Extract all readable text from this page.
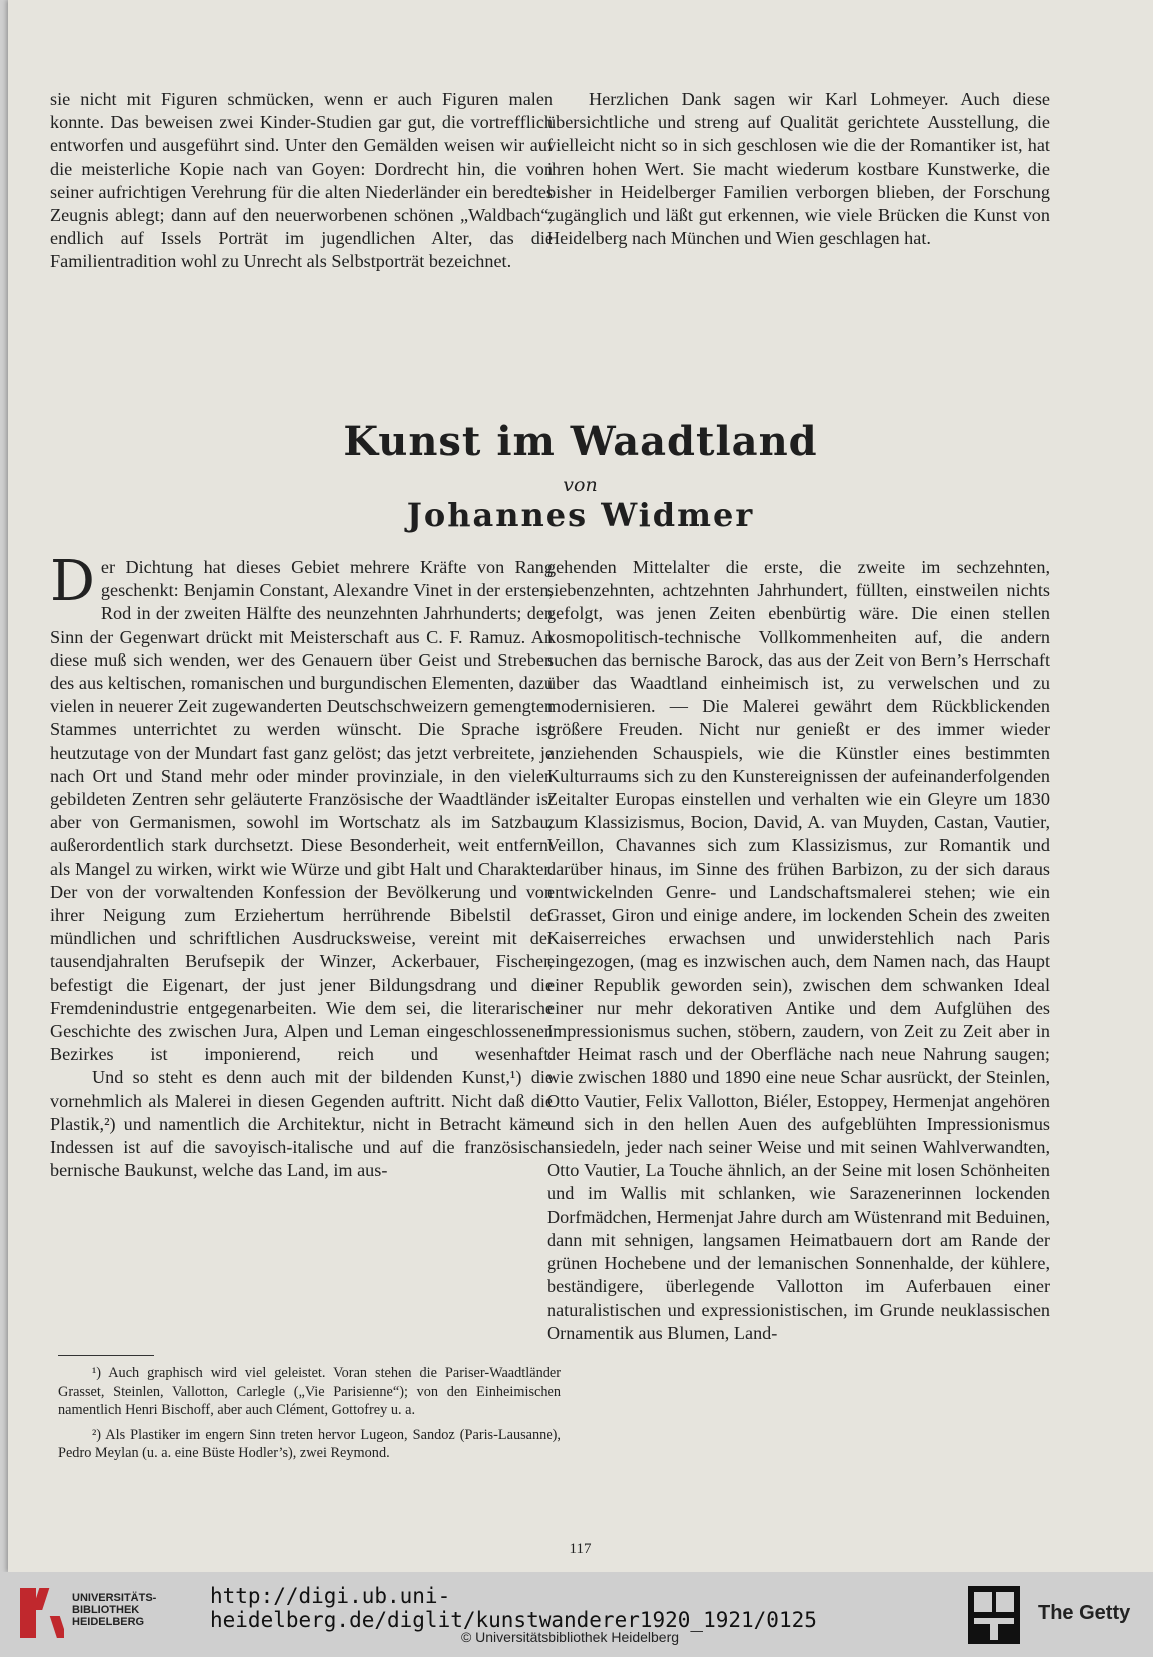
sie nicht mit Figuren schmücken, wenn er auch Figuren malen konnte. Das beweisen zwei Kinder-Studien gar gut, die vortrefflich entworfen und ausgeführt sind. Unter den Gemälden weisen wir auf die meisterliche Kopie nach van Goyen: Dordrecht hin, die von seiner aufrichtigen Verehrung für die alten Niederländer ein beredtes Zeugnis ablegt; dann auf den neuerworbenen schönen „Waldbach“, endlich auf Issels Porträt im jugendlichen Alter, das die Familientradition wohl zu Unrecht als Selbstporträt bezeichnet.

Herzlichen Dank sagen wir Karl Lohmeyer. Auch diese übersichtliche und streng auf Qualität gerichtete Ausstellung, die vielleicht nicht so in sich geschlosen wie die der Romantiker ist, hat ihren hohen Wert. Sie macht wiederum kostbare Kunstwerke, die bisher in Heidelberger Familien verborgen blieben, der Forschung zugänglich und läßt gut erkennen, wie viele Brücken die Kunst von Heidelberg nach München und Wien geschlagen hat.

Kunst im Waadtland
von
Johannes Widmer

D er Dichtung hat dieses Gebiet mehrere Kräfte von Rang geschenkt: Benjamin Constant, Alexandre Vinet in der ersten, Rod in der zweiten Hälfte des neunzehnten Jahrhunderts; den Sinn der Gegenwart drückt mit Meisterschaft aus C. F. Ramuz. An diese muß sich wenden, wer des Genauern über Geist und Streben des aus keltischen, romanischen und burgundischen Elementen, dazu vielen in neuerer Zeit zugewanderten Deutschschweizern gemengten Stammes unterrichtet zu werden wünscht. Die Sprache ist heutzutage von der Mundart fast ganz gelöst; das jetzt verbreitete, je nach Ort und Stand mehr oder minder provinziale, in den vielen gebildeten Zentren sehr geläuterte Französische der Waadtländer ist aber von Germanismen, sowohl im Wortschatz als im Satzbau, außerordentlich stark durchsetzt. Diese Besonderheit, weit entfernt als Mangel zu wirken, wirkt wie Würze und gibt Halt und Charakter. Der von der vorwaltenden Konfession der Bevölkerung und von ihrer Neigung zum Erziehertum herrührende Bibelstil der mündlichen und schriftlichen Ausdrucksweise, vereint mit der tausendjahralten Berufsepik der Winzer, Ackerbauer, Fischer, befestigt die Eigenart, der just jener Bildungsdrang und die Fremdenindustrie entgegenarbeiten. Wie dem sei, die literarische Geschichte des zwischen Jura, Alpen und Leman eingeschlossenen Bezirkes ist imponierend, reich und wesenhaft.

Und so steht es denn auch mit der bildenden Kunst,¹) die vornehmlich als Malerei in diesen Gegenden auftritt. Nicht daß die Plastik,²) und namentlich die Architektur, nicht in Betracht käme. Indessen ist auf die savoyisch-italische und auf die französisch-bernische Baukunst, welche das Land, im aus-

¹) Auch graphisch wird viel geleistet. Voran stehen die Pariser-Waadtländer Grasset, Steinlen, Vallotton, Carlegle („Vie Parisienne“); von den Einheimischen namentlich Henri Bischoff, aber auch Clément, Gottofrey u. a.

²) Als Plastiker im engern Sinn treten hervor Lugeon, Sandoz (Paris-Lausanne), Pedro Meylan (u. a. eine Büste Hodler’s), zwei Reymond.

gehenden Mittelalter die erste, die zweite im sechzehnten, siebenzehnten, achtzehnten Jahrhundert, füllten, einstweilen nichts gefolgt, was jenen Zeiten ebenbürtig wäre. Die einen stellen kosmopolitisch-technische Vollkommenheiten auf, die andern suchen das bernische Barock, das aus der Zeit von Bern’s Herrschaft über das Waadtland einheimisch ist, zu verwelschen und zu modernisieren. — Die Malerei gewährt dem Rückblickenden größere Freuden. Nicht nur genießt er des immer wieder anziehenden Schauspiels, wie die Künstler eines bestimmten Kulturraums sich zu den Kunstereignissen der aufeinanderfolgenden Zeitalter Europas einstellen und verhalten wie ein Gleyre um 1830 zum Klassizismus, Bocion, David, A. van Muyden, Castan, Vautier, Veillon, Chavannes sich zum Klassizismus, zur Romantik und darüber hinaus, im Sinne des frühen Barbizon, zu der sich daraus entwickelnden Genre- und Landschaftsmalerei stehen; wie ein Grasset, Giron und einige andere, im lockenden Schein des zweiten Kaiserreiches erwachsen und unwiderstehlich nach Paris eingezogen, (mag es inzwischen auch, dem Namen nach, das Haupt einer Republik geworden sein), zwischen dem schwanken Ideal einer nur mehr dekorativen Antike und dem Aufglühen des Impressionismus suchen, stöbern, zaudern, von Zeit zu Zeit aber in der Heimat rasch und der Oberfläche nach neue Nahrung saugen; wie zwischen 1880 und 1890 eine neue Schar ausrückt, der Steinlen, Otto Vautier, Felix Vallotton, Biéler, Estoppey, Hermenjat angehören und sich in den hellen Auen des aufgeblühten Impressionismus ansiedeln, jeder nach seiner Weise und mit seinen Wahlverwandten, Otto Vautier, La Touche ähnlich, an der Seine mit losen Schönheiten und im Wallis mit schlanken, wie Sarazenerinnen lockenden Dorfmädchen, Hermenjat Jahre durch am Wüstenrand mit Beduinen, dann mit sehnigen, langsamen Heimatbauern dort am Rande der grünen Hochebene und der lemanischen Sonnenhalde, der kühlere, beständigere, überlegende Vallotton im Auferbauen einer naturalistischen und expressionistischen, im Grunde neuklassischen Ornamentik aus Blumen, Land-

117
UNIVERSITÄTS-BIBLIOTHEK HEIDELBERG
http://digi.ub.uni-heidelberg.de/diglit/kunstwanderer1920_1921/0125
© Universitätsbibliothek Heidelberg
The Getty
